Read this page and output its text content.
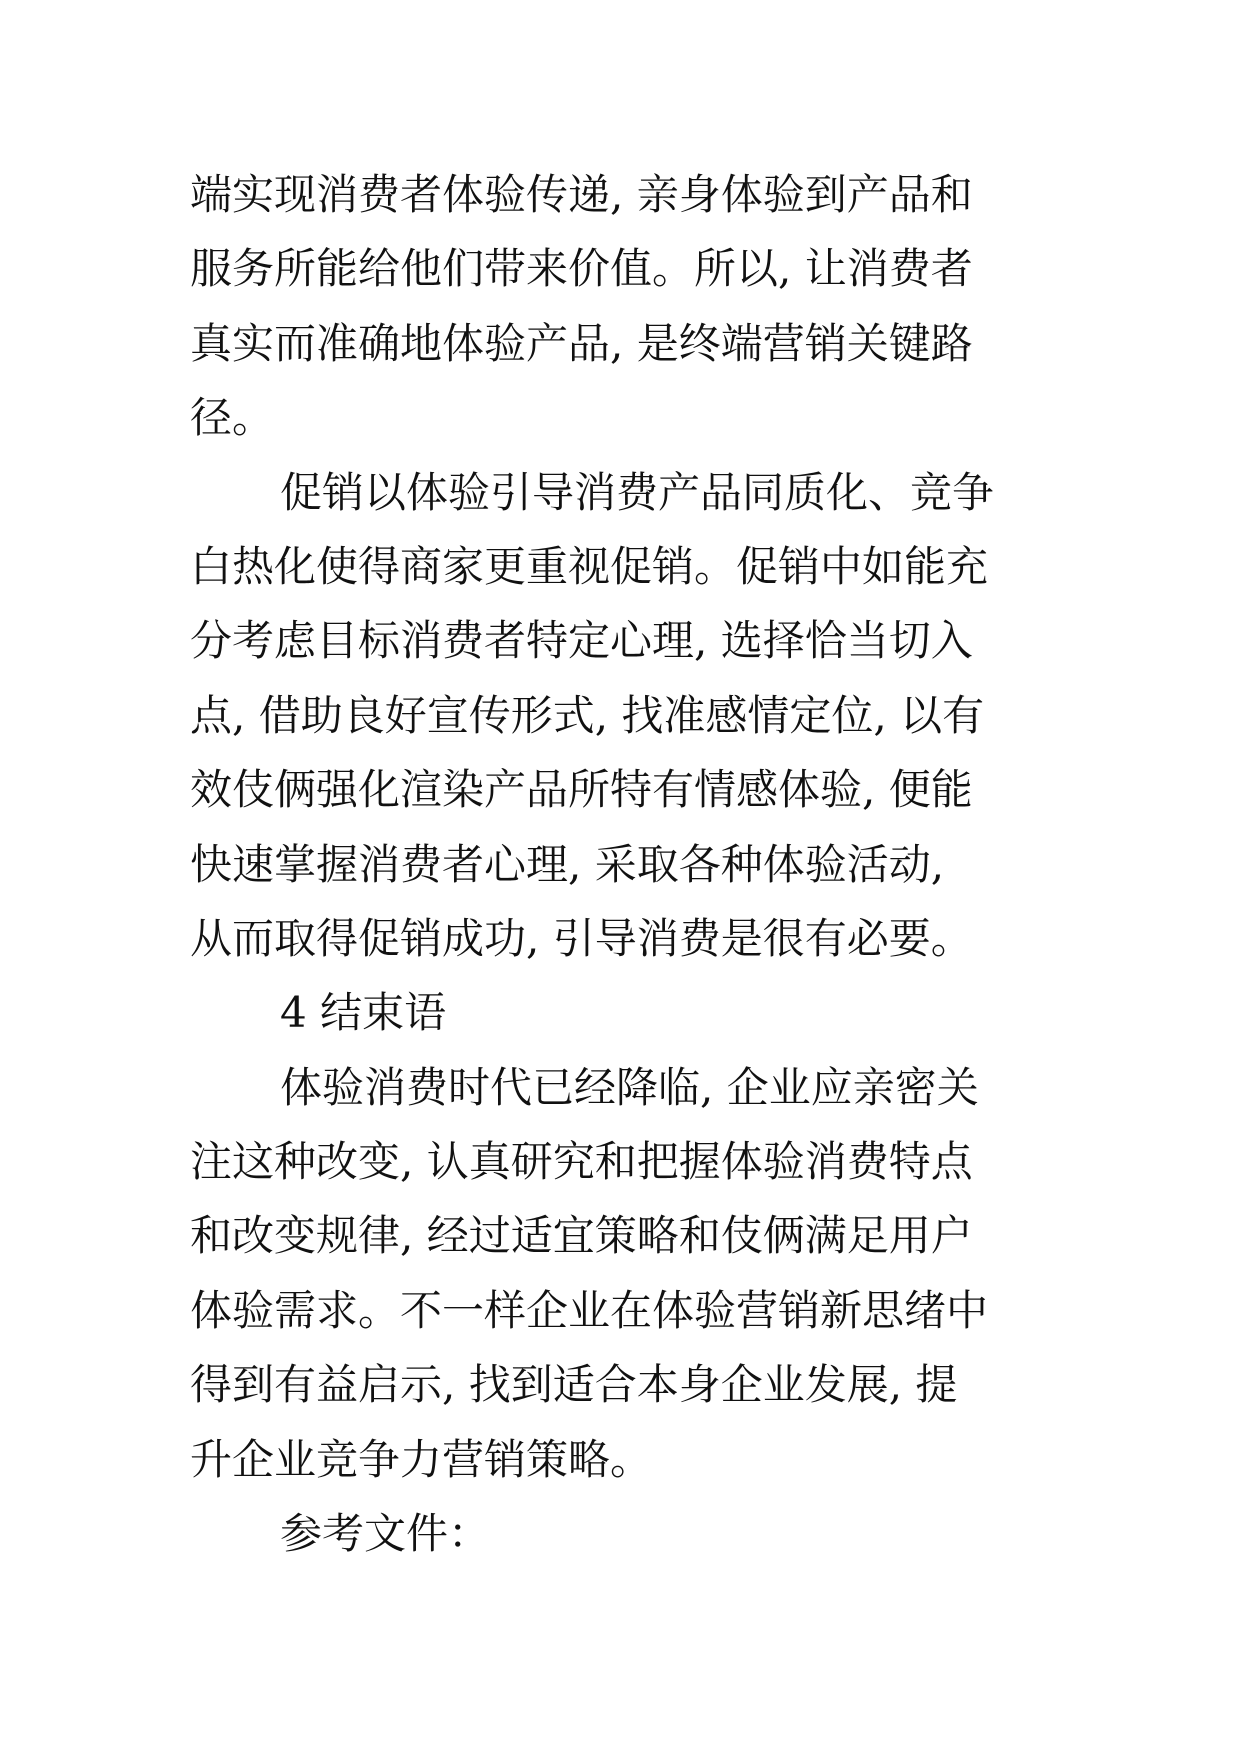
端实现消费者体验传递, 亲身体验到产品和
服务所能给他们带来价值。所以, 让消费者
真实而准确地体验产品, 是终端营销关键路
径。
促销以体验引导消费产品同质化、竞争
白热化使得商家更重视促销。促销中如能充
分考虑目标消费者特定心理, 选择恰当切入
点, 借助良好宣传形式, 找准感情定位, 以有
效伎俩强化渲染产品所特有情感体验, 便能
快速掌握消费者心理, 采取各种体验活动,
从而取得促销成功, 引导消费是很有必要。
4 结束语
体验消费时代已经降临, 企业应亲密关
注这种改变, 认真研究和把握体验消费特点
和改变规律, 经过适宜策略和伎俩满足用户
体验需求。不一样企业在体验营销新思绪中
得到有益启示, 找到适合本身企业发展, 提
升企业竞争力营销策略。
参考文件：
